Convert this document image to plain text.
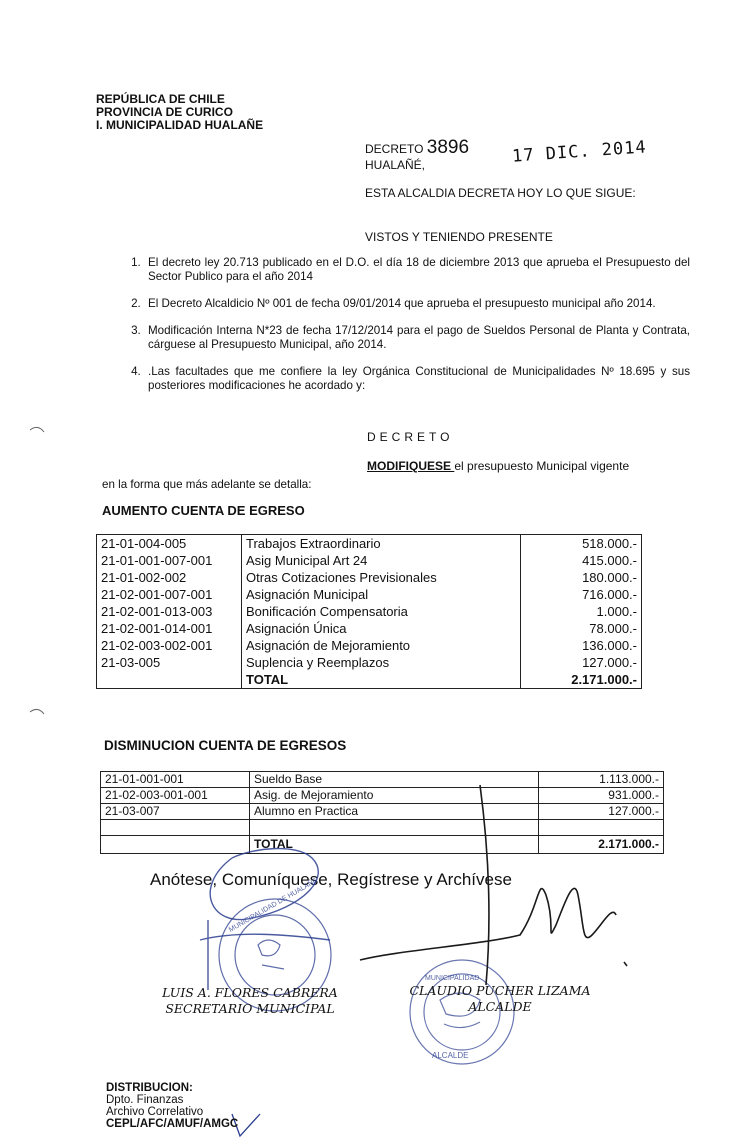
REPÚBLICA DE CHILE
PROVINCIA DE CURICO
I. MUNICIPALIDAD HUALAÑE
DECRETO 3896 17 DIC. 2014
HUALAÑÉ,
ESTA ALCALDIA DECRETA HOY LO QUE SIGUE:
VISTOS Y TENIENDO PRESENTE
1. El decreto ley 20.713 publicado en el D.O. el día 18 de diciembre 2013 que aprueba el Presupuesto del Sector Publico para el año 2014
2. El Decreto Alcaldicio Nº 001 de fecha 09/01/2014 que aprueba el presupuesto municipal año 2014.
3. Modificación Interna N*23 de fecha 17/12/2014 para el pago de Sueldos Personal de Planta y Contrata, cárguese al Presupuesto Municipal, año 2014.
4. .Las facultades que me confiere la ley Orgánica Constitucional de Municipalidades Nº 18.695 y sus posteriores modificaciones he acordado y:
DECRETO
MODIFIQUESE el presupuesto Municipal vigente
en la forma que más adelante se detalla:
AUMENTO CUENTA DE EGRESO
21-01-004-005	Trabajos Extraordinario	518.000.-
21-01-001-007-001	Asig Municipal Art 24	415.000.-
21-01-002-002	Otras Cotizaciones Previsionales	180.000.-
21-02-001-007-001	Asignación Municipal	716.000.-
21-02-001-013-003	Bonificación Compensatoria	1.000.-
21-02-001-014-001	Asignación Única	78.000.-
21-02-003-002-001	Asignación de Mejoramiento	136.000.-
21-03-005	Suplencia y Reemplazos	127.000.-
	TOTAL	2.171.000.-
DISMINUCION CUENTA DE EGRESOS
21-01-001-001	Sueldo Base	1.113.000.-
21-02-003-001-001	Asig. de Mejoramiento	931.000.-
21-03-007	Alumno en Practica	127.000.-

	TOTAL	2.171.000.-
Anótese, Comuníquese, Regístrese y Archívese
MUNICIPALIDAD DE HUALAÑE
MUNICIPALIDAD
ALCALDE
LUIS A. FLORES CABRERA
SECRETARIO MUNICIPAL
CLAUDIO PUCHER LIZAMA
ALCALDE
DISTRIBUCION:
Dpto. Finanzas
Archivo Correlativo
CEPL/AFC/AMUF/AMGC
